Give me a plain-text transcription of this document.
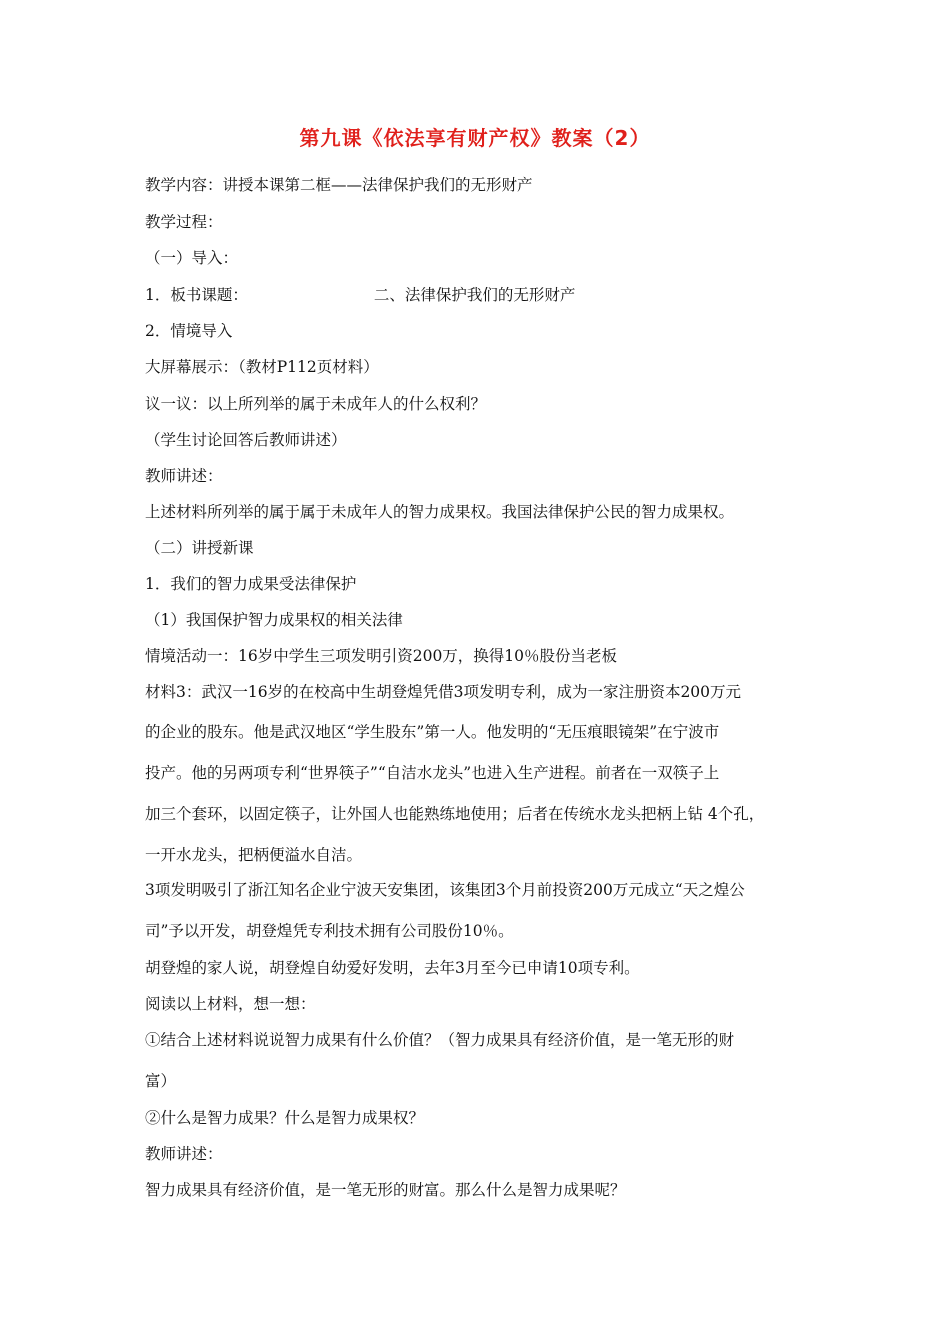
第九课《依法享有财产权》教案（2）
教学内容：讲授本课第二框——法律保护我们的无形财产
教学过程：
（一）导入：
1．板书课题：	二、法律保护我们的无形财产
2．情境导入
大屏幕展示：（教材P112页材料）
议一议：以上所列举的属于未成年人的什么权利？
（学生讨论回答后教师讲述）
教师讲述：
上述材料所列举的属于属于未成年人的智力成果权。我国法律保护公民的智力成果权。
（二）讲授新课
1．我们的智力成果受法律保护
（1）我国保护智力成果权的相关法律
情境活动一：16岁中学生三项发明引资200万，换得10％股份当老板
材料3：武汉一16岁的在校高中生胡登煌凭借3项发明专利，成为一家注册资本200万元
的企业的股东。他是武汉地区“学生股东”第一人。他发明的“无压痕眼镜架”在宁波市
投产。他的另两项专利“世界筷子”“自洁水龙头”也进入生产进程。前者在一双筷子上
加三个套环，以固定筷子，让外国人也能熟练地使用；后者在传统水龙头把柄上钻 4个孔，
一开水龙头，把柄便溢水自洁。
3项发明吸引了浙江知名企业宁波天安集团，该集团3个月前投资200万元成立“天之煌公
司”予以开发，胡登煌凭专利技术拥有公司股份10％。
胡登煌的家人说，胡登煌自幼爱好发明，去年3月至今已申请10项专利。
阅读以上材料，想一想：
①结合上述材料说说智力成果有什么价值？（智力成果具有经济价值，是一笔无形的财
富）
②什么是智力成果？什么是智力成果权？
教师讲述：
智力成果具有经济价值，是一笔无形的财富。那么什么是智力成果呢？
